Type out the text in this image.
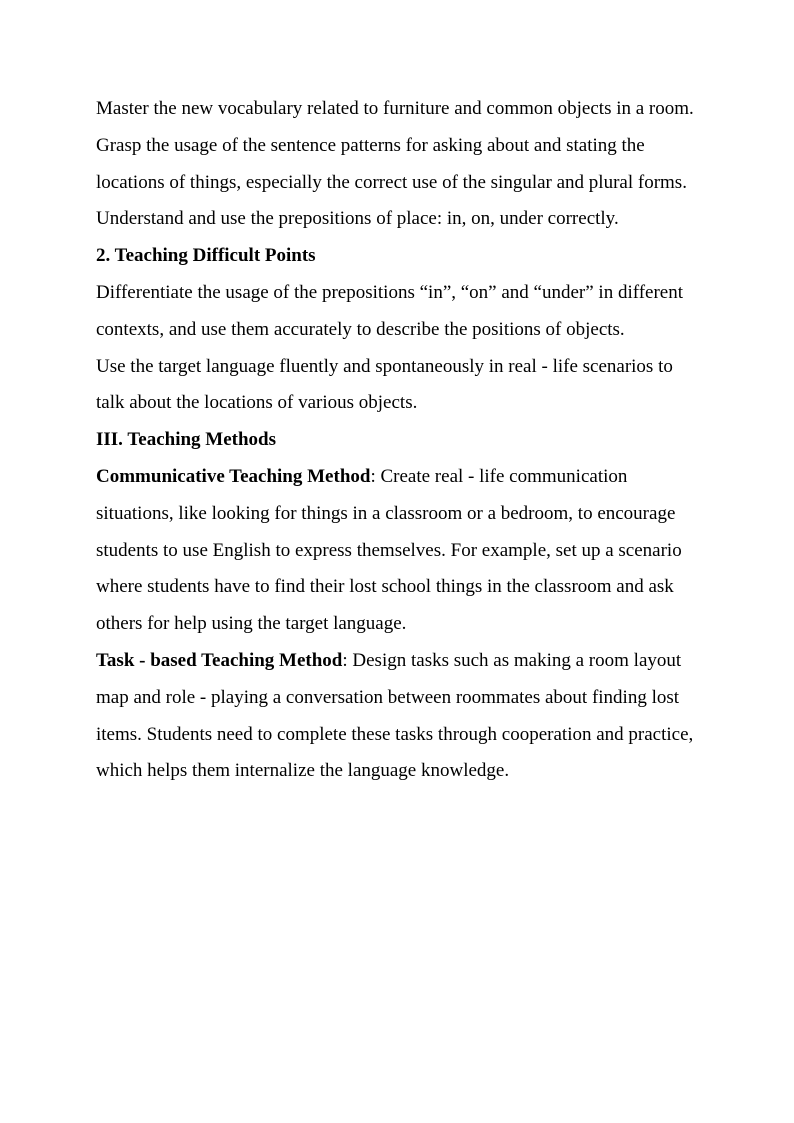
Master the new vocabulary related to furniture and common objects in a room.

Grasp the usage of the sentence patterns for asking about and stating the locations of things, especially the correct use of the singular and plural forms.

Understand and use the prepositions of place: in, on, under correctly.

2. Teaching Difficult Points

Differentiate the usage of the prepositions “in”, “on” and “under” in different contexts, and use them accurately to describe the positions of objects.

Use the target language fluently and spontaneously in real - life scenarios to talk about the locations of various objects.

III. Teaching Methods

Communicative Teaching Method: Create real - life communication situations, like looking for things in a classroom or a bedroom, to encourage students to use English to express themselves. For example, set up a scenario where students have to find their lost school things in the classroom and ask others for help using the target language.

Task - based Teaching Method: Design tasks such as making a room layout map and role - playing a conversation between roommates about finding lost items. Students need to complete these tasks through cooperation and practice, which helps them internalize the language knowledge.
